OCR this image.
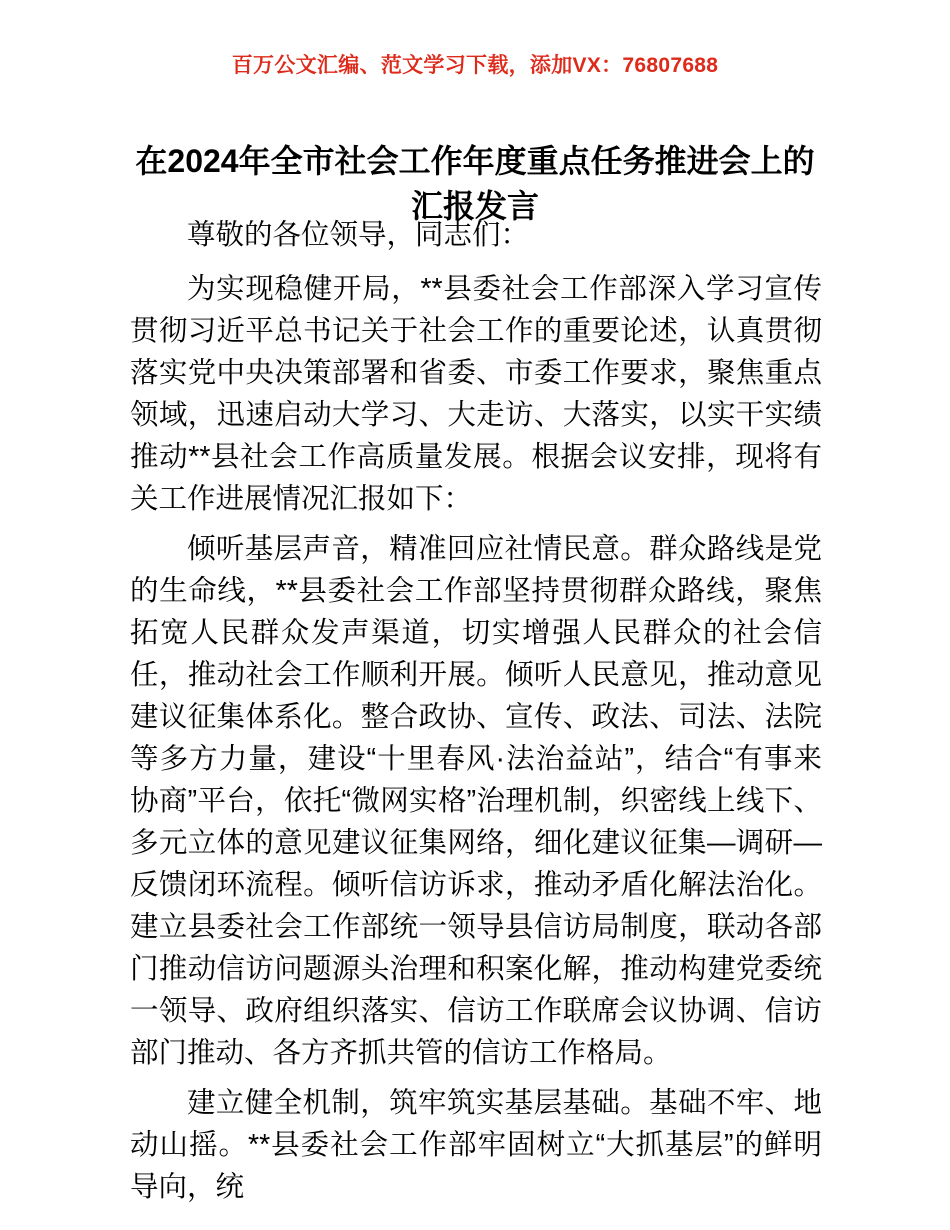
百万公文汇编、范文学习下载，添加VX：76807688
在2024年全市社会工作年度重点任务推进会上的汇报发言

尊敬的各位领导，同志们：

为实现稳健开局，**县委社会工作部深入学习宣传贯彻习近平总书记关于社会工作的重要论述，认真贯彻落实党中央决策部署和省委、市委工作要求，聚焦重点领域，迅速启动大学习、大走访、大落实，以实干实绩推动**县社会工作高质量发展。根据会议安排，现将有关工作进展情况汇报如下：

倾听基层声音，精准回应社情民意。群众路线是党的生命线，**县委社会工作部坚持贯彻群众路线，聚焦拓宽人民群众发声渠道，切实增强人民群众的社会信任，推动社会工作顺利开展。倾听人民意见，推动意见建议征集体系化。整合政协、宣传、政法、司法、法院等多方力量，建设“十里春风·法治益站”，结合“有事来协商”平台，依托“微网实格”治理机制，织密线上线下、多元立体的意见建议征集网络，细化建议征集—调研—反馈闭环流程。倾听信访诉求，推动矛盾化解法治化。建立县委社会工作部统一领导县信访局制度，联动各部门推动信访问题源头治理和积案化解，推动构建党委统一领导、政府组织落实、信访工作联席会议协调、信访部门推动、各方齐抓共管的信访工作格局。

建立健全机制，筑牢筑实基层基础。基础不牢、地动山摇。**县委社会工作部牢固树立“大抓基层”的鲜明导向，统
